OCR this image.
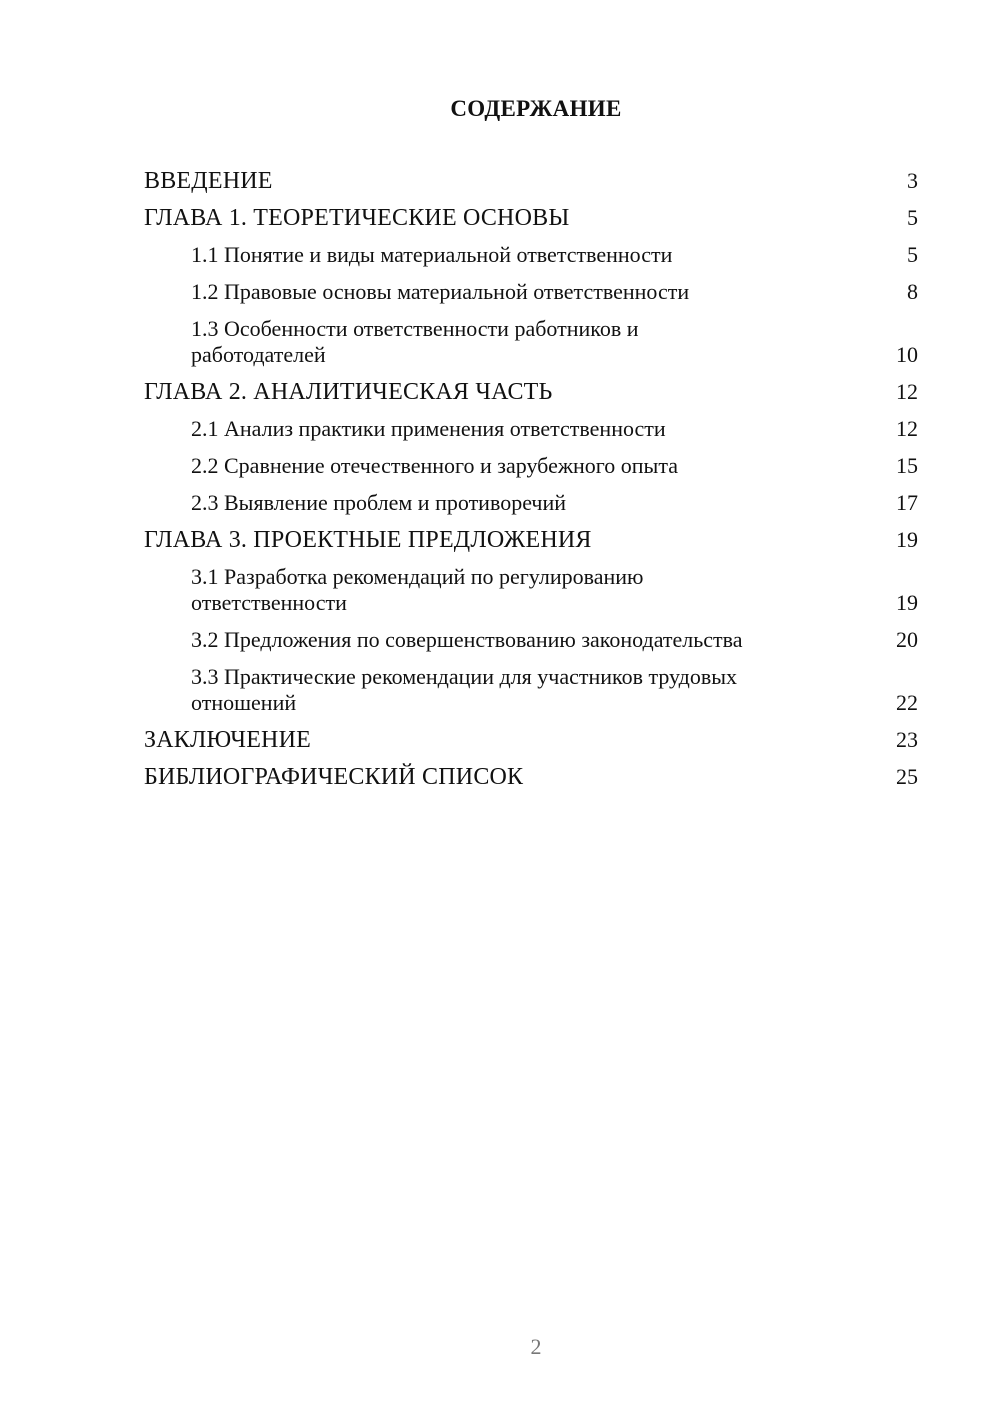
СОДЕРЖАНИЕ
ВВЕДЕНИЕ	3
ГЛАВА 1. ТЕОРЕТИЧЕСКИЕ ОСНОВЫ	5
1.1 Понятие и виды материальной ответственности	5
1.2 Правовые основы материальной ответственности	8
1.3 Особенности ответственности работников и
работодателей	10
ГЛАВА 2. АНАЛИТИЧЕСКАЯ ЧАСТЬ	12
2.1 Анализ практики применения ответственности	12
2.2 Сравнение отечественного и зарубежного опыта	15
2.3 Выявление проблем и противоречий	17
ГЛАВА 3. ПРОЕКТНЫЕ ПРЕДЛОЖЕНИЯ	19
3.1 Разработка рекомендаций по регулированию
ответственности	19
3.2 Предложения по совершенствованию законодательства	20
3.3 Практические рекомендации для участников трудовых
отношений	22
ЗАКЛЮЧЕНИЕ	23
БИБЛИОГРАФИЧЕСКИЙ СПИСОК	25
2
